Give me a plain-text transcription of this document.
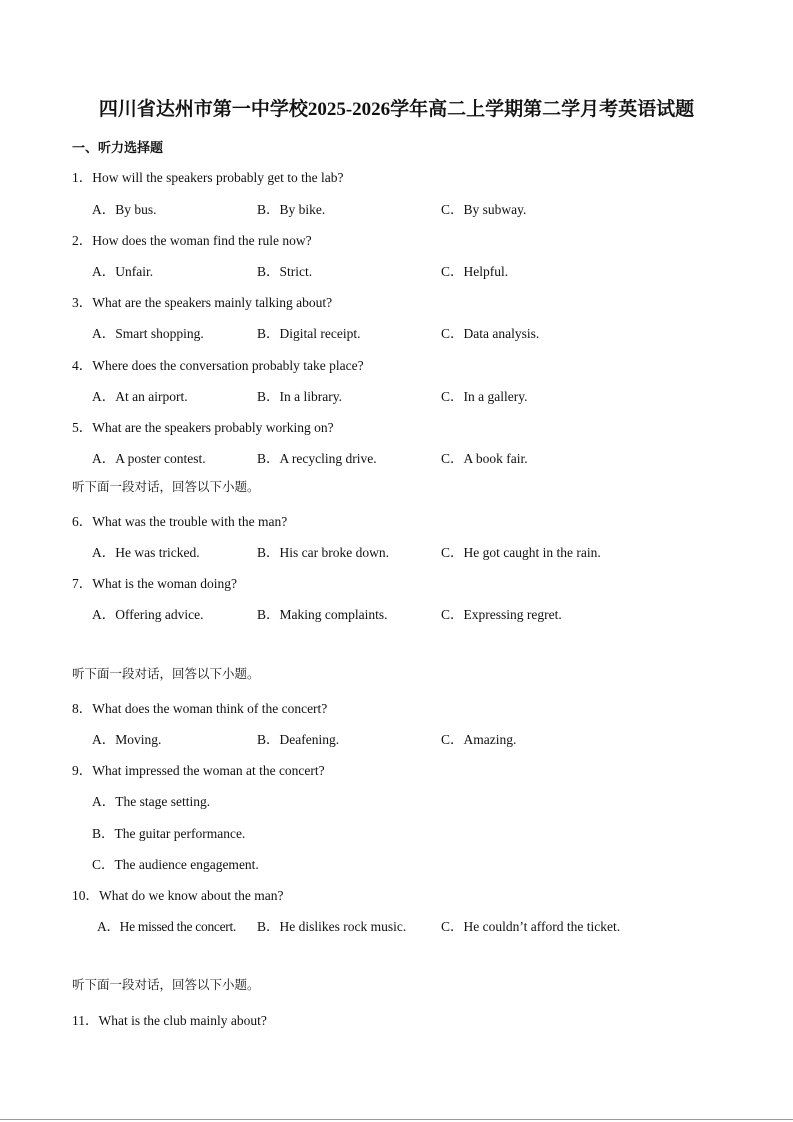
四川省达州市第一中学校2025-2026学年高二上学期第二学月考英语试题
一、听力选择题
1．How will the speakers probably get to the lab?
A．By bus.	B．By bike.	C．By subway.
2．How does the woman find the rule now?
A．Unfair.	B．Strict.	C．Helpful.
3．What are the speakers mainly talking about?
A．Smart shopping.	B．Digital receipt.	C．Data analysis.
4．Where does the conversation probably take place?
A．At an airport.	B．In a library.	C．In a gallery.
5．What are the speakers probably working on?
A．A poster contest.	B．A recycling drive.	C．A book fair.
听下面一段对话，回答以下小题。
6．What was the trouble with the man?
A．He was tricked.	B．His car broke down.	C．He got caught in the rain.
7．What is the woman doing?
A．Offering advice.	B．Making complaints.	C．Expressing regret.
听下面一段对话，回答以下小题。
8．What does the woman think of the concert?
A．Moving.	B．Deafening.	C．Amazing.
9．What impressed the woman at the concert?
A．The stage setting.
B．The guitar performance.
C．The audience engagement.
10．What do we know about the man?
A．He missed the concert. B．He dislikes rock music.	C．He couldn’t afford the ticket.
听下面一段对话，回答以下小题。
11．What is the club mainly about?
